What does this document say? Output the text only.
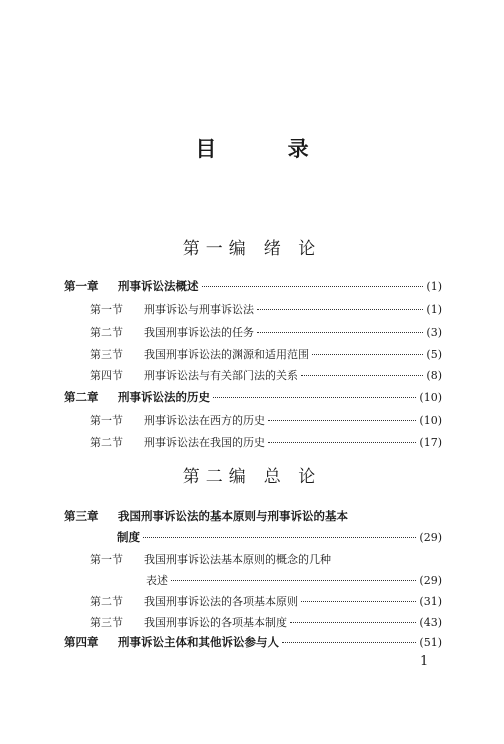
目 录
第一编 绪 论
第一章	刑事诉讼法概述	(1)
第一节	刑事诉讼与刑事诉讼法	(1)
第二节	我国刑事诉讼法的任务	(3)
第三节	我国刑事诉讼法的渊源和适用范围	(5)
第四节	刑事诉讼法与有关部门法的关系	(8)
第二章	刑事诉讼法的历史	(10)
第一节	刑事诉讼法在西方的历史	(10)
第二节	刑事诉讼法在我国的历史	(17)
第二编 总 论
第三章	我国刑事诉讼法的基本原则与刑事诉讼的基本
制度	(29)
第一节	我国刑事诉讼法基本原则的概念的几种
表述	(29)
第二节	我国刑事诉讼法的各项基本原则	(31)
第三节	我国刑事诉讼的各项基本制度	(43)
第四章	刑事诉讼主体和其他诉讼参与人	(51)
1
